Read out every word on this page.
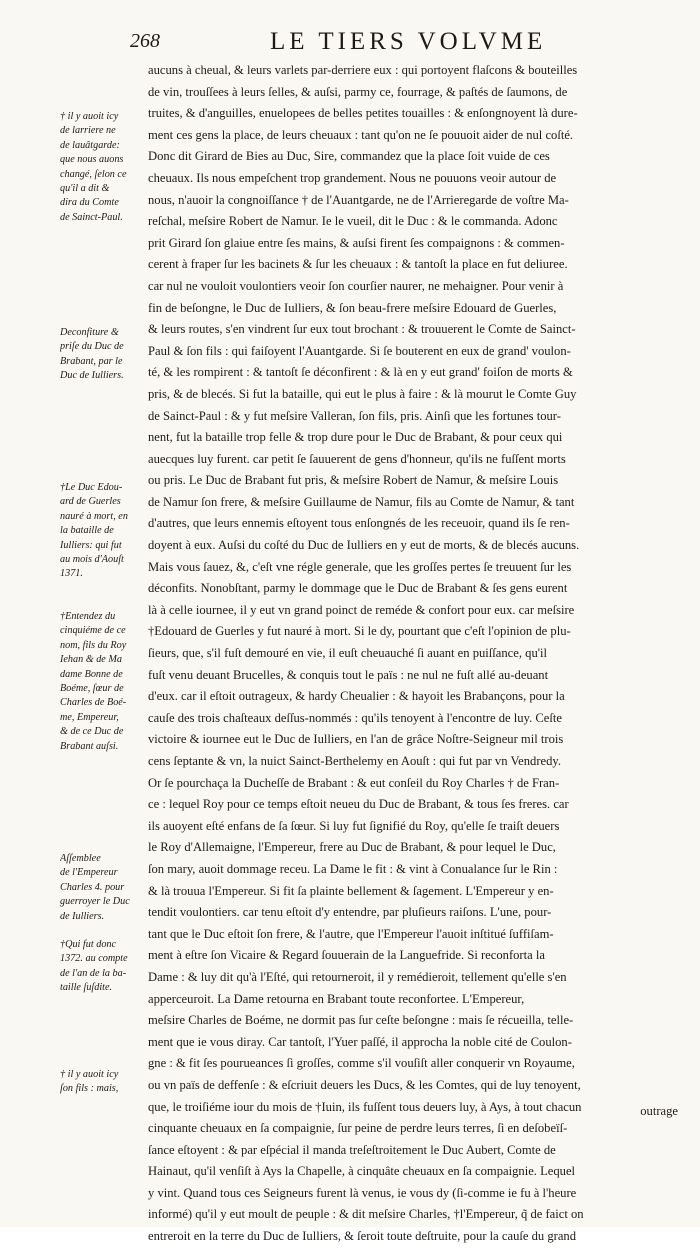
268	LE TIERS VOLVME
aucuns à cheual, & leurs varlets par-derriere eux : qui portoyent flaſcons & bouteilles
de vin, trouſſees à leurs ſelles, & auſsi, parmy ce, fourrage, & paſtés de ſaumons, de
truites, & d'anguilles, enuelopees de belles petites touailles : & enſongnoyent là dure-
ment ces gens la place, de leurs cheuaux : tant qu'on ne ſe pouuoit aider de nul coſté.
Donc dit Girard de Bies au Duc, Sire, commandez que la place ſoit vuide de ces
cheuaux. Ils nous empeſchent trop grandement. Nous ne pouuons veoir autour de
nous, n'auoir la congnoiſſance † de l'Auantgarde, ne de l'Arrieregarde de voſtre Ma-
reſchal, meſsire Robert de Namur. Ie le vueil, dit le Duc : & le commanda. Adonc
prit Girard ſon glaiue entre ſes mains, & auſsi firent ſes compaignons : & commen-
cerent à fraper ſur les bacinets & ſur les cheuaux : & tantoſt la place en fut deliuree.
car nul ne vouloit voulontiers veoir ſon courſier naurer, ne mehaigner. Pour venir à
fin de beſongne, le Duc de Iulliers, & ſon beau-frere meſsire Edouard de Guerles,
& leurs routes, s'en vindrent ſur eux tout brochant : & trouuerent le Comte de Sainct-
Paul & ſon fils : qui faiſoyent l'Auantgarde. Si ſe bouterent en eux de grand' voulon-
té, & les rompirent : & tantoſt ſe déconfirent : & là en y eut grand' foiſon de morts &
pris, & de blecés. Si fut la bataille, qui eut le plus à faire : & là mourut le Comte Guy
de Sainct-Paul : & y fut meſsire Valleran, ſon fils, pris. Ainſi que les fortunes tour-
nent, fut la bataille trop felle & trop dure pour le Duc de Brabant, & pour ceux qui
auecques luy furent. car petit ſe ſauuerent de gens d'honneur, qu'ils ne fuſſent morts
ou pris. Le Duc de Brabant fut pris, & meſsire Robert de Namur, & meſsire Louis
de Namur ſon frere, & meſsire Guillaume de Namur, fils au Comte de Namur, & tant
d'autres, que leurs ennemis eſtoyent tous enſongnés de les receuoir, quand ils ſe ren-
doyent à eux. Auſsi du coſté du Duc de Iulliers en y eut de morts, & de blecés aucuns.
Mais vous ſauez, &, c'eſt vne régle generale, que les groſſes pertes ſe treuuent ſur les
déconfits. Nonobſtant, parmy le dommage que le Duc de Brabant & ſes gens eurent
là à celle iournee, il y eut vn grand poinct de reméde & confort pour eux. car meſsire
†Edouard de Guerles y fut nauré à mort. Si le dy, pourtant que c'eſt l'opinion de plu-
ſieurs, que, s'il fuſt demouré en vie, il euſt cheuauché ſi auant en puiſſance, qu'il
fuſt venu deuant Brucelles, & conquis tout le païs : ne nul ne fuſt allé au-deuant
d'eux. car il eſtoit outrageux, & hardy Cheualier : & hayoit les Brabançons, pour la
cauſe des trois chaſteaux deſſus-nommés : qu'ils tenoyent à l'encontre de luy. Ceſte
victoire & iournee eut le Duc de Iulliers, en l'an de grâce Noſtre-Seigneur mil trois
cens ſeptante & vn, la nuict Sainct-Berthelemy en Aouſt : qui fut par vn Vendredy.
Or ſe pourchaça la Ducheſſe de Brabant : & eut conſeil du Roy Charles † de Fran-
ce : lequel Roy pour ce temps eſtoit neueu du Duc de Brabant, & tous ſes freres. car
ils auoyent eſté enfans de ſa ſœur. Si luy fut ſignifié du Roy, qu'elle ſe traiſt deuers
le Roy d'Allemaigne, l'Empereur, frere au Duc de Brabant, & pour lequel le Duc,
ſon mary, auoit dommage receu. La Dame le fit : & vint à Conualance ſur le Rin :
& là trouua l'Empereur. Si fit ſa plainte bellement & ſagement. L'Empereur y en-
tendit voulontiers. car tenu eſtoit d'y entendre, par pluſieurs raiſons. L'une, pour-
tant que le Duc eſtoit ſon frere, & l'autre, que l'Empereur l'auoit inſtitué ſuffiſam-
ment à eſtre ſon Vicaire & Regard ſouuerain de la Languefride. Si reconforta la
Dame : & luy dit qu'à l'Eſté, qui retourneroit, il y remédieroit, tellement qu'elle s'en
apperceuroit. La Dame retourna en Brabant toute reconfortee. L'Empereur,
meſsire Charles de Boéme, ne dormit pas ſur ceſte beſongne : mais ſe récueilla, telle-
ment que ie vous diray. Car tantoſt, l'Yuer paſſé, il approcha la noble cité de Coulon-
gne : & fit ſes pourueances ſi groſſes, comme s'il vouſiſt aller conquerir vn Royaume,
ou vn païs de deffenſe : & eſcriuit deuers les Ducs, & les Comtes, qui de luy tenoyent,
que, le troiſiéme iour du mois de †Iuin, ils fuſſent tous deuers luy, à Ays, à tout chacun
cinquante cheuaux en ſa compaignie, ſur peine de perdre leurs terres, ſi en deſobeïſ-
ſance eſtoyent : & par eſpécial il manda treſeſtroitement le Duc Aubert, Comte de
Hainaut, qu'il venſiſt à Ays la Chapelle, à cinquâte cheuaux en ſa compaignie. Lequel
y vint. Quand tous ces Seigneurs furent là venus, ie vous dy (ſi-comme ie fu à l'heure
informé) qu'il y eut moult de peuple : & dit meſsire Charles, †l'Empereur, q̃ de faict on
entreroit en la terre du Duc de Iulliers, & ſeroit toute deſtruite, pour la cauſe du grand
† il y auoit icy
de larriere ne
de lauâtgarde:
que nous auons
changé, ſelon ce
qu'il a dit &
dira du Comte
de Sainct-Paul.
Deconfiture &
priſe du Duc de
Brabant, par le
Duc de Iulliers.
†Le Duc Edou-
ard de Guerles
nauré à mort, en
la bataille de
Iulliers: qui fut
au mois d'Aouſt
1371.
†Entendez du
cinquiéme de ce
nom, fils du Roy
Iehan & de Ma
dame Bonne de
Boéme, ſœur de
Charles de Boé-
me, Empereur,
& de ce Duc de
Brabant auſsi.
Aſſemblee
de l'Empereur
Charles 4. pour
guerroyer le Duc
de Iulliers.
†Qui fut donc
1372. au compte
de l'an de la ba-
taille ſuſdite.
† il y auoit icy
ſon fils : mais,
outrage
